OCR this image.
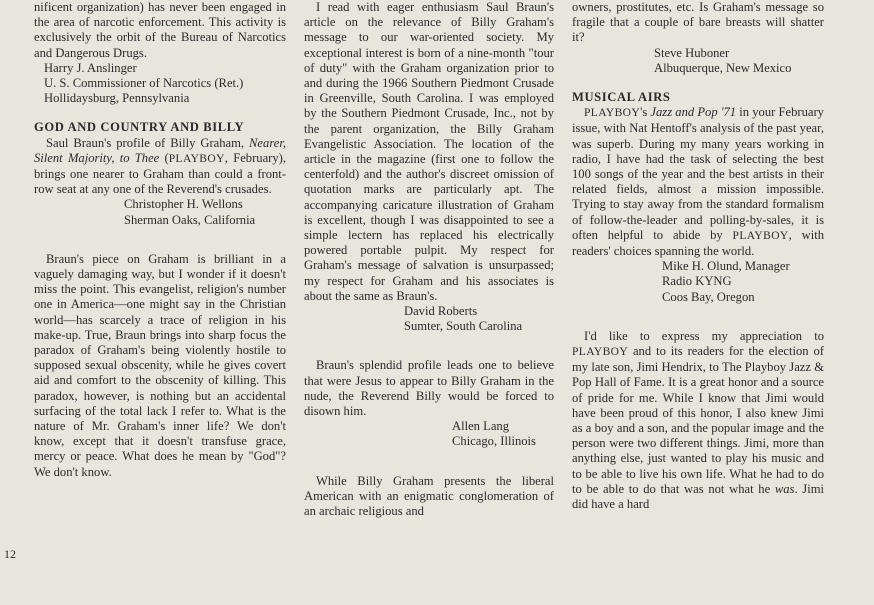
12

nificent organization) has never been engaged in the area of narcotic enforcement. This activity is exclusively the orbit of the Bureau of Narcotics and Dangerous Drugs.

Harry J. Anslinger

U. S. Commissioner of Narcotics (Ret.)

Hollidaysburg, Pennsylvania

GOD AND COUNTRY AND BILLY

Saul Braun's profile of Billy Graham, Nearer, Silent Majority, to Thee (PLAYBOY, February), brings one nearer to Graham than could a front-row seat at any one of the Reverend's crusades.

Christopher H. Wellons

Sherman Oaks, California

Braun's piece on Graham is brilliant in a vaguely damaging way, but I wonder if it doesn't miss the point. This evangelist, religion's number one in America—one might say in the Christian world—has scarcely a trace of religion in his make-up. True, Braun brings into sharp focus the paradox of Graham's being violently hostile to supposed sexual obscenity, while he gives covert aid and comfort to the obscenity of killing. This paradox, however, is nothing but an accidental surfacing of the total lack I refer to. What is the nature of Mr. Graham's inner life? We don't know, except that it doesn't transfuse grace, mercy or peace. What does he mean by "God"? We don't know.

I read with eager enthusiasm Saul Braun's article on the relevance of Billy Graham's message to our war-oriented society. My exceptional interest is born of a nine-month "tour of duty" with the Graham organization prior to and during the 1966 Southern Piedmont Crusade in Greenville, South Carolina. I was employed by the Southern Piedmont Crusade, Inc., not by the parent organization, the Billy Graham Evangelistic Association. The location of the article in the magazine (first one to follow the centerfold) and the author's discreet omission of quotation marks are particularly apt. The accompanying caricature illustration of Graham is excellent, though I was disappointed to see a simple lectern has replaced his electrically powered portable pulpit. My respect for Graham's message of salvation is unsurpassed; my respect for Graham and his associates is about the same as Braun's.

David Roberts

Sumter, South Carolina

Braun's splendid profile leads one to believe that were Jesus to appear to Billy Graham in the nude, the Reverend Billy would be forced to disown him.

Allen Lang

Chicago, Illinois

While Billy Graham presents the liberal American with an enigmatic conglomeration of an archaic religious and

owners, prostitutes, etc. Is Graham's message so fragile that a couple of bare breasts will shatter it?

Steve Huboner

Albuquerque, New Mexico

MUSICAL AIRS

PLAYBOY's Jazz and Pop '71 in your February issue, with Nat Hentoff's analysis of the past year, was superb. During my many years working in radio, I have had the task of selecting the best 100 songs of the year and the best artists in their related fields, almost a mission impossible. Trying to stay away from the standard formalism of follow-the-leader and polling-by-sales, it is often helpful to abide by PLAYBOY, with readers' choices spanning the world.

Mike H. Olund, Manager

Radio KYNG

Coos Bay, Oregon

I'd like to express my appreciation to PLAYBOY and to its readers for the election of my late son, Jimi Hendrix, to The Playboy Jazz & Pop Hall of Fame. It is a great honor and a source of pride for me. While I know that Jimi would have been proud of this honor, I also knew Jimi as a boy and a son, and the popular image and the person were two different things. Jimi, more than anything else, just wanted to play his music and to be able to live his own life. What he had to do to be able to do that was not what he was. Jimi did have a hard
